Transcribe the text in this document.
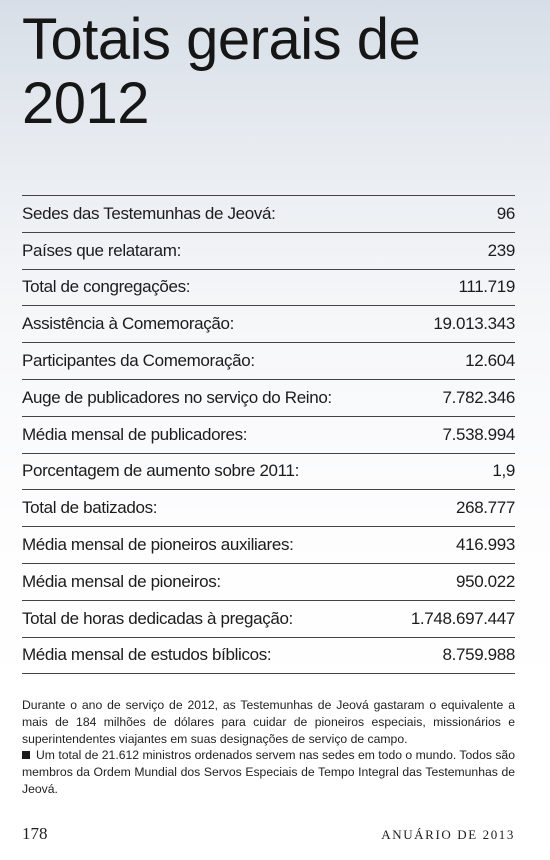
Totais gerais de
2012
Sedes das Testemunhas de Jeová:	96
Países que relataram:	239
Total de congregações:	111.719
Assistência à Comemoração:	19.013.343
Participantes da Comemoração:	12.604
Auge de publicadores no serviço do Reino:	7.782.346
Média mensal de publicadores:	7.538.994
Porcentagem de aumento sobre 2011:	1,9
Total de batizados:	268.777
Média mensal de pioneiros auxiliares:	416.993
Média mensal de pioneiros:	950.022
Total de horas dedicadas à pregação:	1.748.697.447
Média mensal de estudos bíblicos:	8.759.988

Durante o ano de serviço de 2012, as Testemunhas de Jeová gastaram o equivalente a mais de 184 milhões de dólares para cuidar de pioneiros especiais, missionários e superintendentes viajantes em suas designações de serviço de campo.

Um total de 21.612 ministros ordenados servem nas sedes em todo o mundo. Todos são membros da Ordem Mundial dos Servos Especiais de Tempo Integral das Testemunhas de Jeová.

178	ANUÁRIO DE 2013
